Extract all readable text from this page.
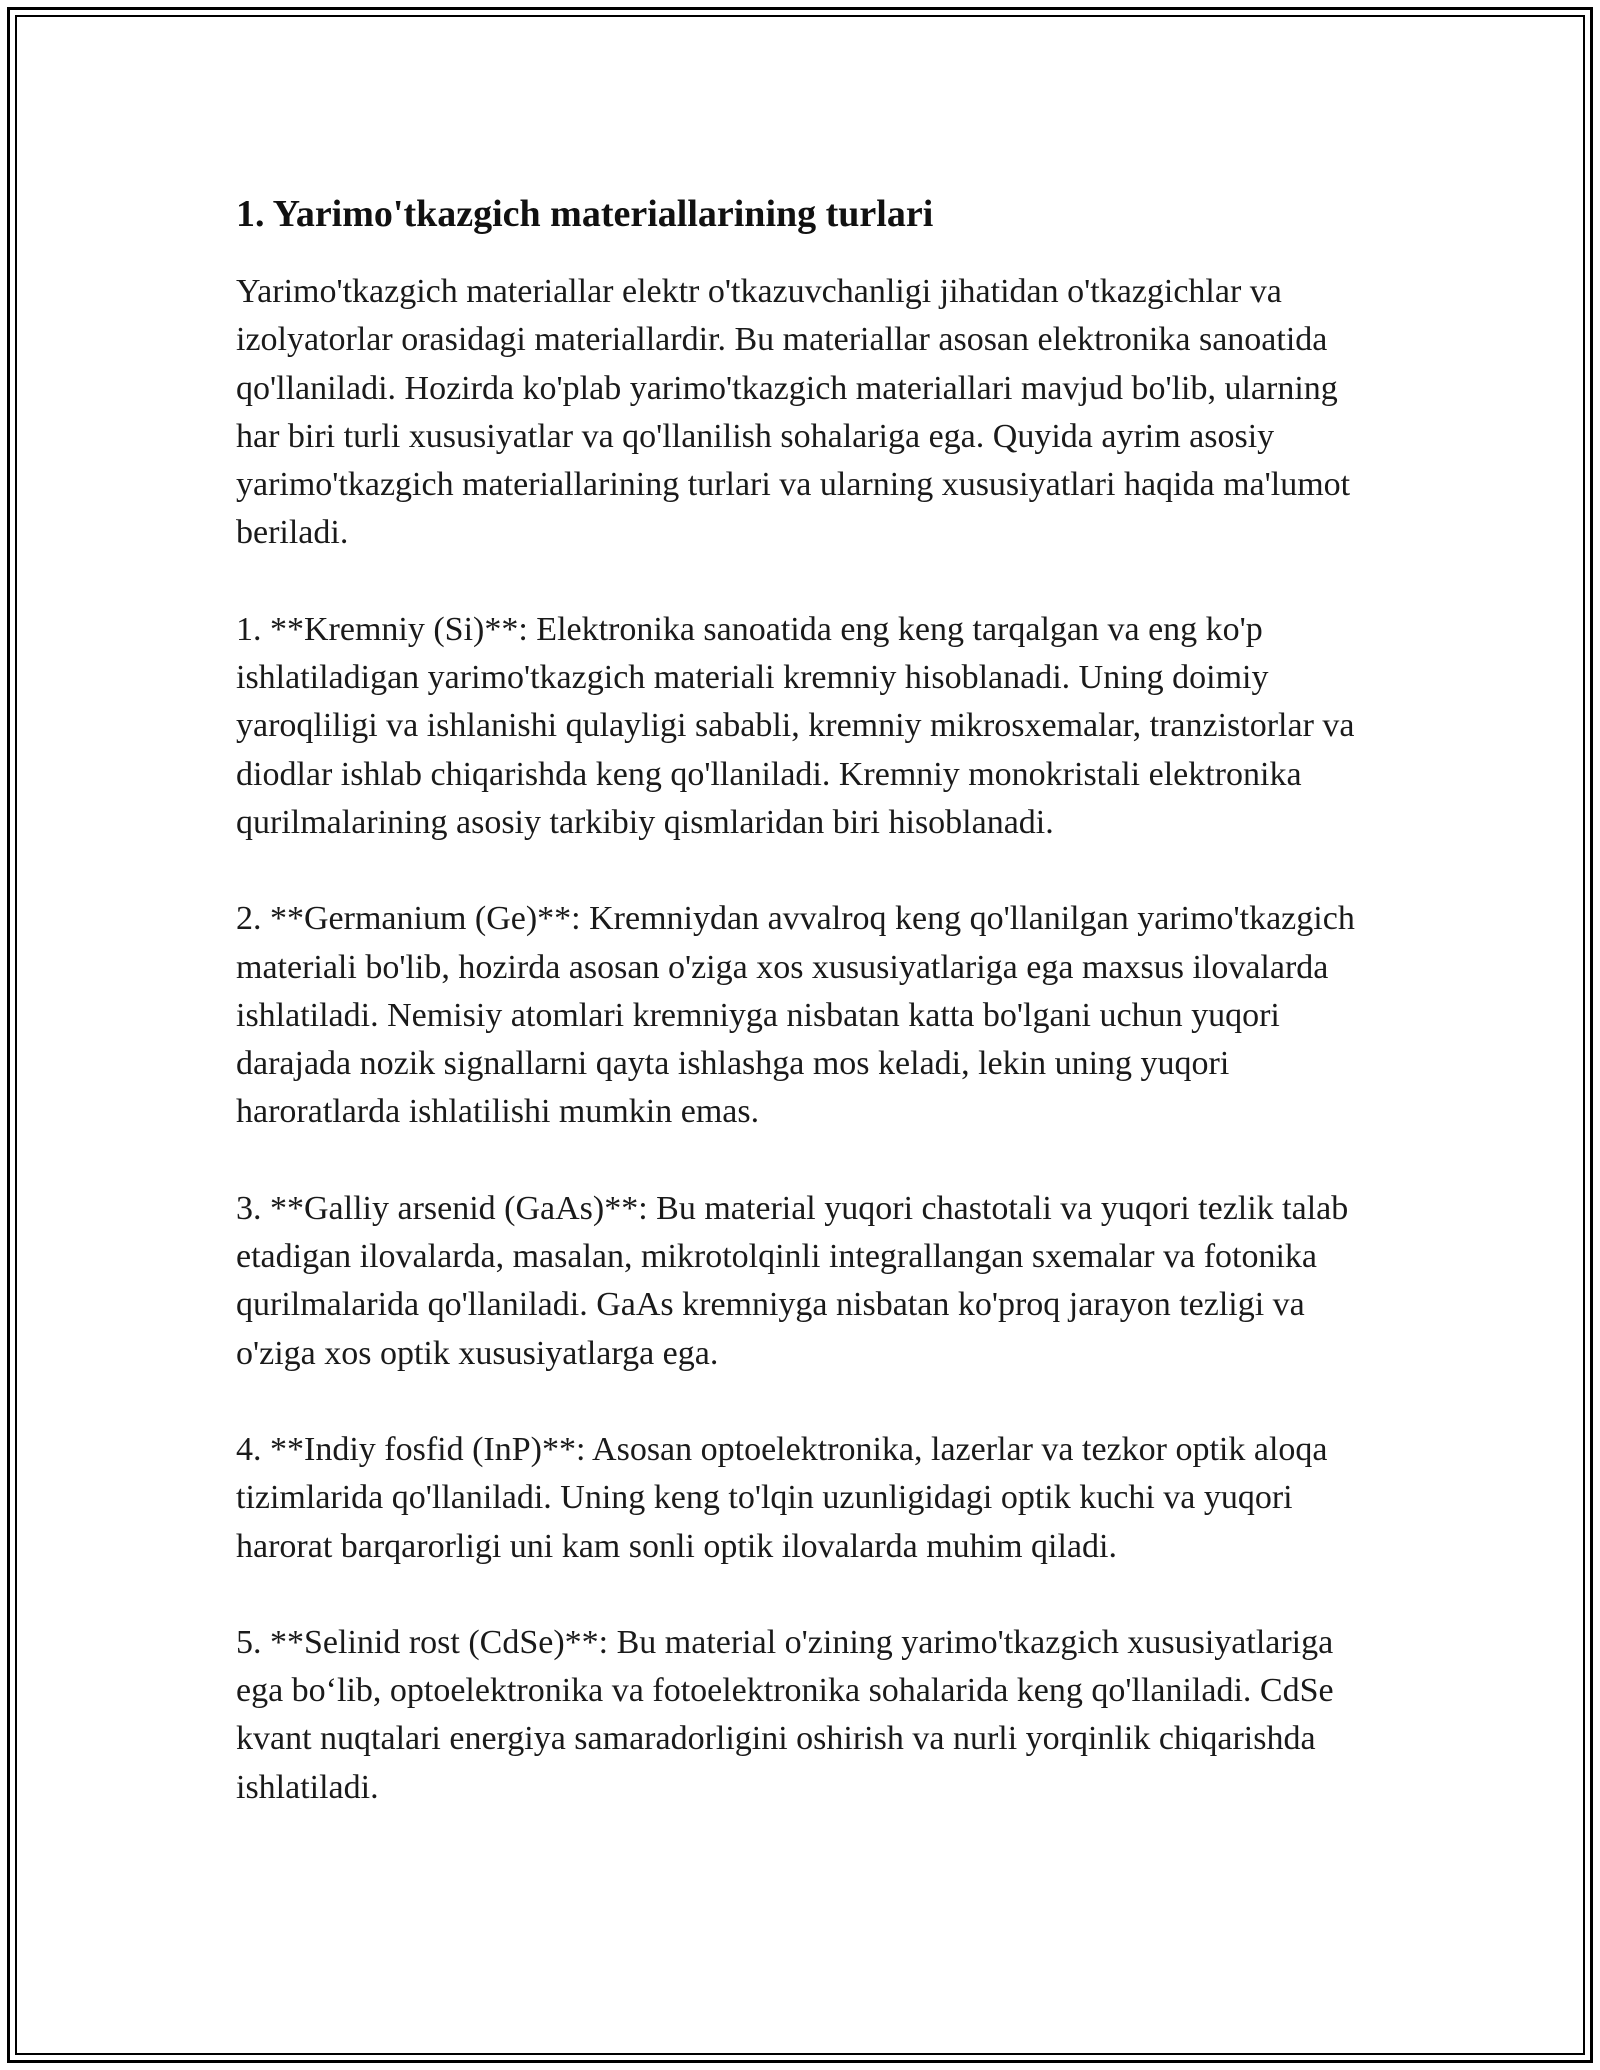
1. Yarimo'tkazgich materiallarining turlari

Yarimo'tkazgich materiallar elektr o'tkazuvchanligi jihatidan o'tkazgichlar va izolyatorlar orasidagi materiallardir. Bu materiallar asosan elektronika sanoatida qo'llaniladi. Hozirda ko'plab yarimo'tkazgich materiallari mavjud bo'lib, ularning har biri turli xususiyatlar va qo'llanilish sohalariga ega. Quyida ayrim asosiy yarimo'tkazgich materiallarining turlari va ularning xususiyatlari haqida ma'lumot beriladi.

1. **Kremniy (Si)**: Elektronika sanoatida eng keng tarqalgan va eng ko'p ishlatiladigan yarimo'tkazgich materiali kremniy hisoblanadi. Uning doimiy yaroqliligi va ishlanishi qulayligi sababli, kremniy mikrosxemalar, tranzistorlar va diodlar ishlab chiqarishda keng qo'llaniladi. Kremniy monokristali elektronika qurilmalarining asosiy tarkibiy qismlaridan biri hisoblanadi.

2. **Germanium (Ge)**: Kremniydan avvalroq keng qo'llanilgan yarimo'tkazgich materiali bo'lib, hozirda asosan o'ziga xos xususiyatlariga ega maxsus ilovalarda ishlatiladi. Nemisiy atomlari kremniyga nisbatan katta bo'lgani uchun yuqori darajada nozik signallarni qayta ishlashga mos keladi, lekin uning yuqori haroratlarda ishlatilishi mumkin emas.

3. **Galliy arsenid (GaAs)**: Bu material yuqori chastotali va yuqori tezlik talab etadigan ilovalarda, masalan, mikrotolqinli integrallangan sxemalar va fotonika qurilmalarida qo'llaniladi. GaAs kremniyga nisbatan ko'proq jarayon tezligi va o'ziga xos optik xususiyatlarga ega.

4. **Indiy fosfid (InP)**: Asosan optoelektronika, lazerlar va tezkor optik aloqa tizimlarida qo'llaniladi. Uning keng to'lqin uzunligidagi optik kuchi va yuqori harorat barqarorligi uni kam sonli optik ilovalarda muhim qiladi.

5. **Selinid rost (CdSe)**: Bu material o'zining yarimo'tkazgich xususiyatlariga ega bo‘lib, optoelektronika va fotoelektronika sohalarida keng qo'llaniladi. CdSe kvant nuqtalari energiya samaradorligini oshirish va nurli yorqinlik chiqarishda ishlatiladi.
